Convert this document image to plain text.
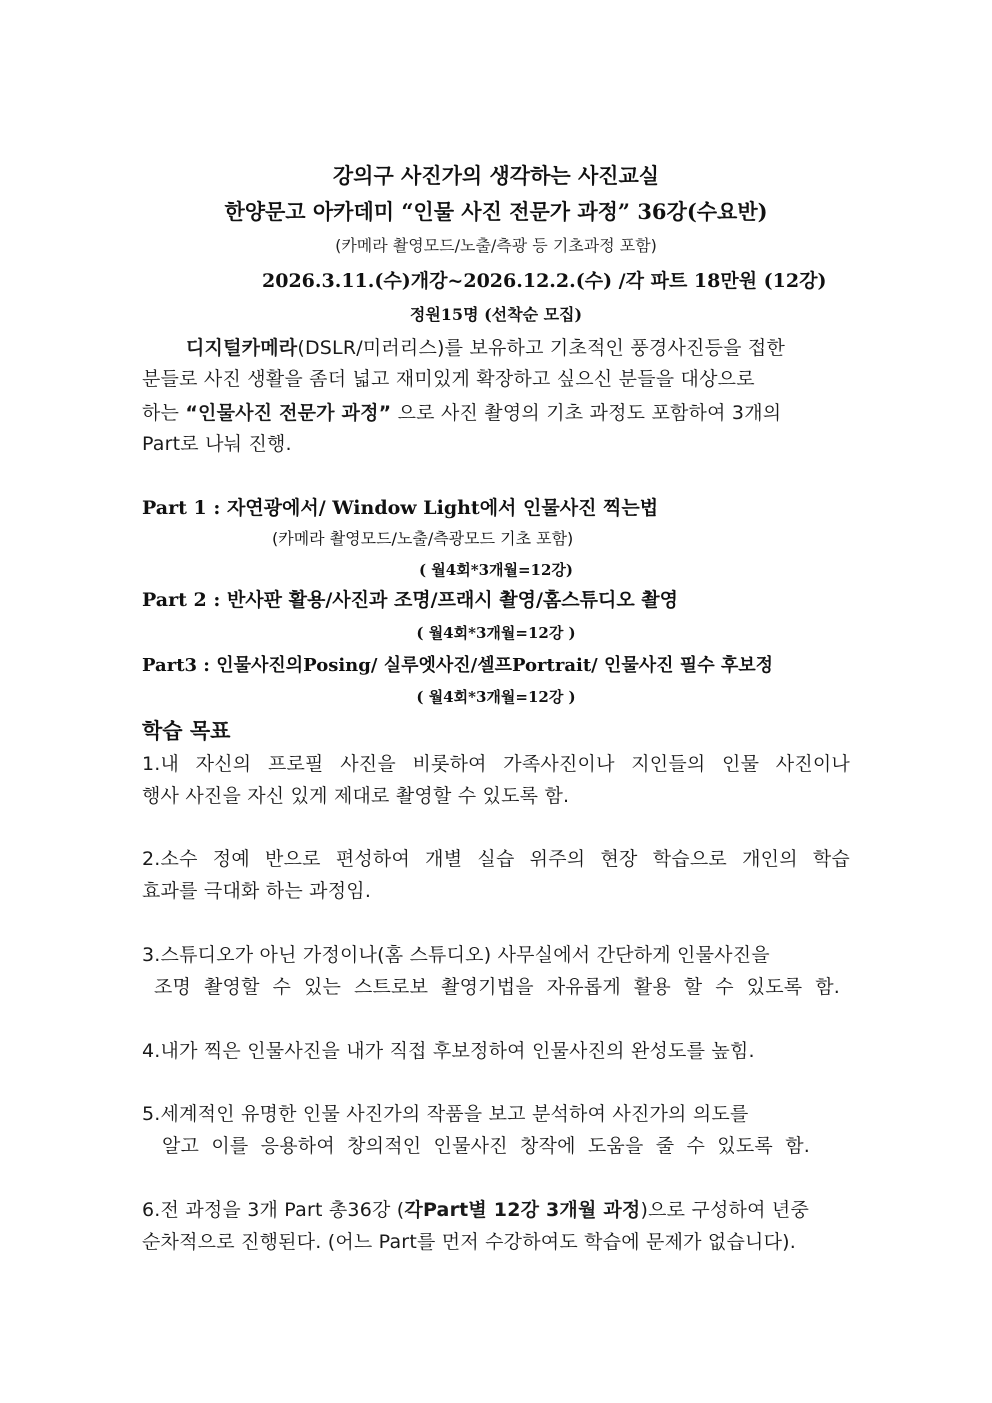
강의구 사진가의 생각하는 사진교실
한양문고 아카데미 “인물 사진 전문가 과정” 36강(수요반)
(카메라 촬영모드/노출/측광 등 기초과정 포함)
2026.3.11.(수)개강~2026.12.2.(수) /각 파트 18만원 (12강)
정원15명 (선착순 모집)
디지털카메라(DSLR/미러리스)를 보유하고 기초적인 풍경사진등을 접한
분들로 사진 생활을 좀더 넓고 재미있게 확장하고 싶으신 분들을 대상으로
하는 “인물사진 전문가 과정” 으로 사진 촬영의 기초 과정도 포함하여 3개의
Part로 나눠 진행.
Part 1 : 자연광에서/ Window Light에서 인물사진 찍는법
(카메라 촬영모드/노출/측광모드 기초 포함)
( 월4회*3개월=12강)
Part 2 : 반사판 활용/사진과 조명/프래시 촬영/홈스튜디오 촬영
( 월4회*3개월=12강 )
Part3 : 인물사진의Posing/ 실루엣사진/셀프Portrait/ 인물사진 필수 후보정
( 월4회*3개월=12강 )
학습 목표
1.내 자신의 프로필 사진을 비롯하여 가족사진이나 지인들의 인물 사진이나
행사 사진을 자신 있게 제대로 촬영할 수 있도록 함.
2.소수 정예 반으로 편성하여 개별 실습 위주의 현장 학습으로 개인의 학습
효과를 극대화 하는 과정임.
3.스튜디오가 아닌 가정이나(홈 스튜디오) 사무실에서 간단하게 인물사진을
조명 촬영할 수 있는 스트로보 촬영기법을 자유롭게 활용 할 수 있도록 함.
4.내가 찍은 인물사진을 내가 직접 후보정하여 인물사진의 완성도를 높힘.
5.세계적인 유명한 인물 사진가의 작품을 보고 분석하여 사진가의 의도를
알고 이를 응용하여 창의적인 인물사진 창작에 도움을 줄 수 있도록 함.
6.전 과정을 3개 Part 총36강 (각Part별 12강 3개월 과정)으로 구성하여 년중
순차적으로 진행된다. (어느 Part를 먼저 수강하여도 학습에 문제가 없습니다).
